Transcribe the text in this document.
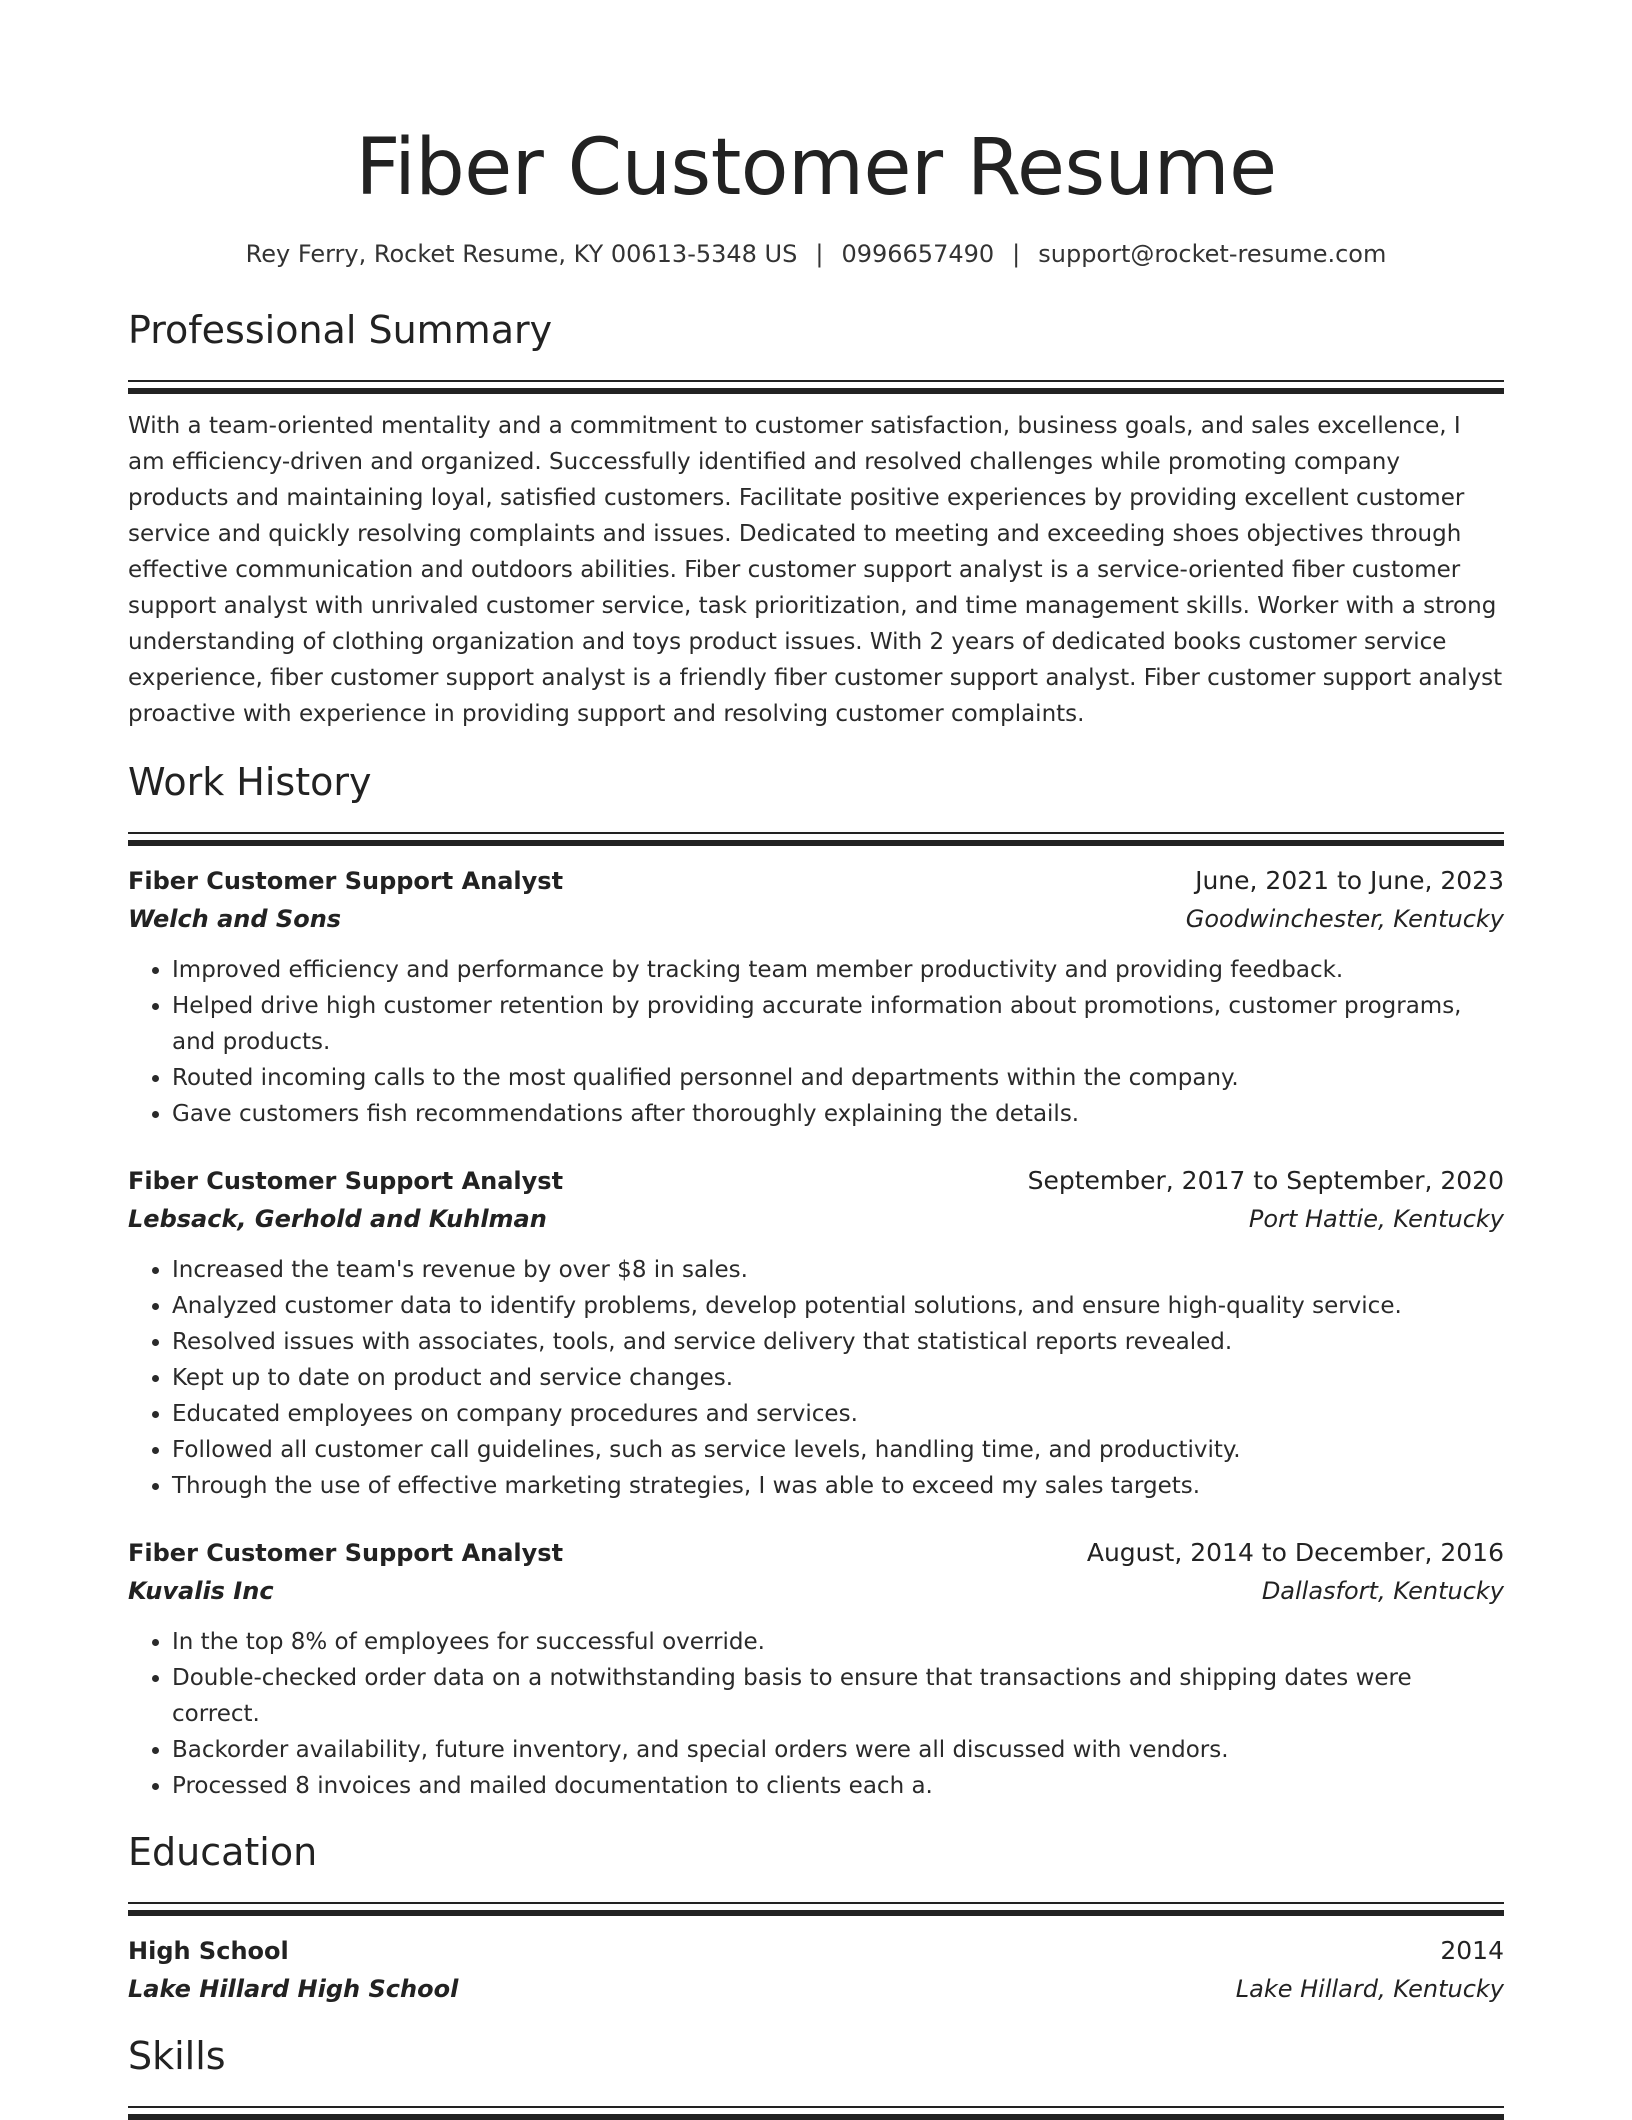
Fiber Customer Resume
Rey Ferry, Rocket Resume, KY 00613-5348 US | 0996657490 | support@rocket-resume.com
Professional Summary
With a team-oriented mentality and a commitment to customer satisfaction, business goals, and sales excellence, I am efficiency-driven and organized. Successfully identified and resolved challenges while promoting company products and maintaining loyal, satisfied customers. Facilitate positive experiences by providing excellent customer service and quickly resolving complaints and issues. Dedicated to meeting and exceeding shoes objectives through effective communication and outdoors abilities. Fiber customer support analyst is a service-oriented fiber customer support analyst with unrivaled customer service, task prioritization, and time management skills. Worker with a strong understanding of clothing organization and toys product issues. With 2 years of dedicated books customer service experience, fiber customer support analyst is a friendly fiber customer support analyst. Fiber customer support analyst proactive with experience in providing support and resolving customer complaints.
Work History
Fiber Customer Support Analyst	June, 2021 to June, 2023
Welch and Sons	Goodwinchester, Kentucky
• Improved efficiency and performance by tracking team member productivity and providing feedback.
• Helped drive high customer retention by providing accurate information about promotions, customer programs, and products.
• Routed incoming calls to the most qualified personnel and departments within the company.
• Gave customers fish recommendations after thoroughly explaining the details.
Fiber Customer Support Analyst	September, 2017 to September, 2020
Lebsack, Gerhold and Kuhlman	Port Hattie, Kentucky
• Increased the team's revenue by over $8 in sales.
• Analyzed customer data to identify problems, develop potential solutions, and ensure high-quality service.
• Resolved issues with associates, tools, and service delivery that statistical reports revealed.
• Kept up to date on product and service changes.
• Educated employees on company procedures and services.
• Followed all customer call guidelines, such as service levels, handling time, and productivity.
• Through the use of effective marketing strategies, I was able to exceed my sales targets.
Fiber Customer Support Analyst	August, 2014 to December, 2016
Kuvalis Inc	Dallasfort, Kentucky
• In the top 8% of employees for successful override.
• Double-checked order data on a notwithstanding basis to ensure that transactions and shipping dates were correct.
• Backorder availability, future inventory, and special orders were all discussed with vendors.
• Processed 8 invoices and mailed documentation to clients each a.
Education
High School	2014
Lake Hillard High School	Lake Hillard, Kentucky
Skills
